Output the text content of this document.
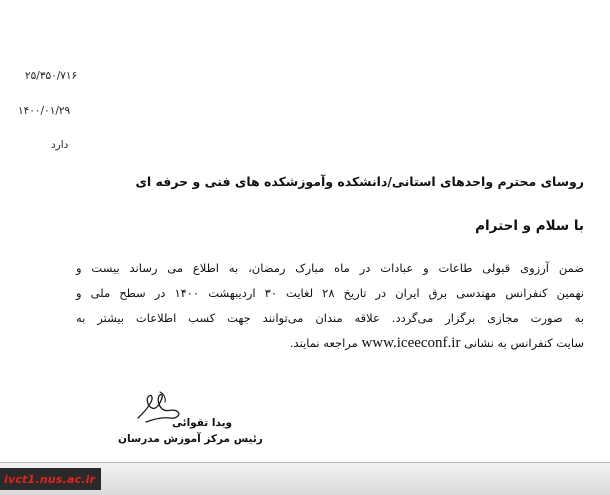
۲۵/۳۵۰/۷۱۶
۱۴۰۰/۰۱/۲۹
دارد
روسای محترم واحدهای استانی/دانشکده وآموزشکده های فنی و حرفه ای
با سلام و احترام
ضمن آرزوی قبولی طاعات و عبادات در ماه مبارک رمضان، به اطلاع می رساند بیست و
نهمین کنفرانس مهندسی برق ایران در تاریخ ۲۸ لغایت ۳۰ اردیبهشت ۱۴۰۰ در سطح ملی و
به صورت مجازی برگزار می‌گردد. علاقه مندان می‌توانند جهت کسب اطلاعات بیشتر به
سایت کنفرانس به نشانی www.iceeconf.ir مراجعه نمایند.
ویدا تقوائی
رئیس مرکز آموزش مدرسان
ivct1.nus.ac.ir
